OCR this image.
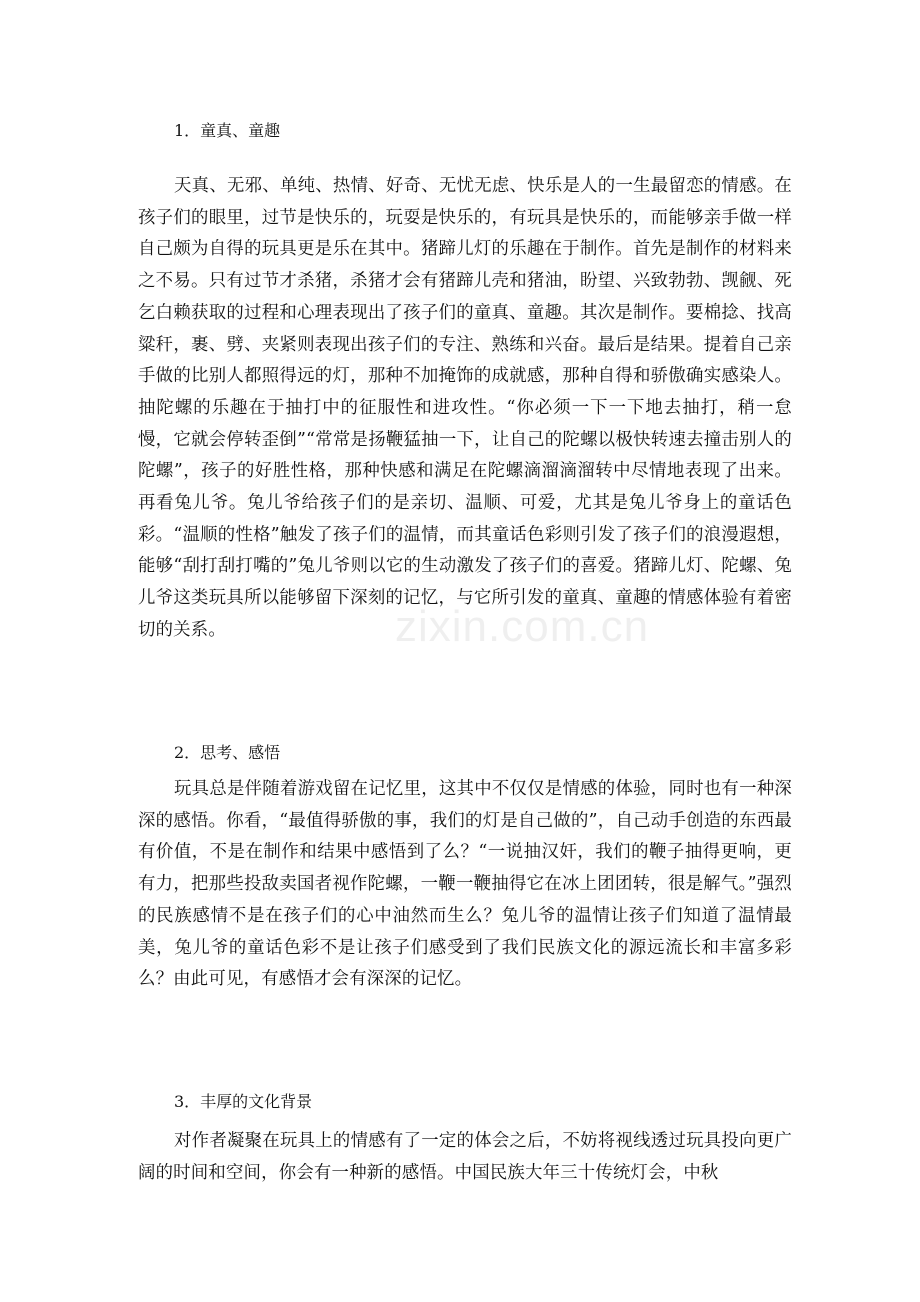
1．童真、童趣
天真、无邪、单纯、热情、好奇、无忧无虑、快乐是人的一生最留恋的情感。在孩子们的眼里，过节是快乐的，玩耍是快乐的，有玩具是快乐的，而能够亲手做一样自己颇为自得的玩具更是乐在其中。猪蹄儿灯的乐趣在于制作。首先是制作的材料来之不易。只有过节才杀猪，杀猪才会有猪蹄儿壳和猪油，盼望、兴致勃勃、觊觎、死乞白赖获取的过程和心理表现出了孩子们的童真、童趣。其次是制作。要棉捻、找高粱秆，裹、劈、夹紧则表现出孩子们的专注、熟练和兴奋。最后是结果。提着自己亲手做的比别人都照得远的灯，那种不加掩饰的成就感，那种自得和骄傲确实感染人。抽陀螺的乐趣在于抽打中的征服性和进攻性。“你必须一下一下地去抽打，稍一怠慢，它就会停转歪倒”“常常是扬鞭猛抽一下，让自己的陀螺以极快转速去撞击别人的陀螺”，孩子的好胜性格，那种快感和满足在陀螺滴溜滴溜转中尽情地表现了出来。再看兔儿爷。兔儿爷给孩子们的是亲切、温顺、可爱，尤其是兔儿爷身上的童话色彩。“温顺的性格”触发了孩子们的温情，而其童话色彩则引发了孩子们的浪漫遐想，能够“刮打刮打嘴的”兔儿爷则以它的生动激发了孩子们的喜爱。猪蹄儿灯、陀螺、兔儿爷这类玩具所以能够留下深刻的记忆，与它所引发的童真、童趣的情感体验有着密切的关系。
2．思考、感悟
玩具总是伴随着游戏留在记忆里，这其中不仅仅是情感的体验，同时也有一种深深的感悟。你看，“最值得骄傲的事，我们的灯是自己做的”，自己动手创造的东西最有价值，不是在制作和结果中感悟到了么？“一说抽汉奸，我们的鞭子抽得更响，更有力，把那些投敌卖国者视作陀螺，一鞭一鞭抽得它在冰上团团转，很是解气。”强烈的民族感情不是在孩子们的心中油然而生么？兔儿爷的温情让孩子们知道了温情最美，兔儿爷的童话色彩不是让孩子们感受到了我们民族文化的源远流长和丰富多彩么？由此可见，有感悟才会有深深的记忆。
3．丰厚的文化背景
对作者凝聚在玩具上的情感有了一定的体会之后，不妨将视线透过玩具投向更广阔的时间和空间，你会有一种新的感悟。中国民族大年三十传统灯会，中秋
zixin.com.cn
